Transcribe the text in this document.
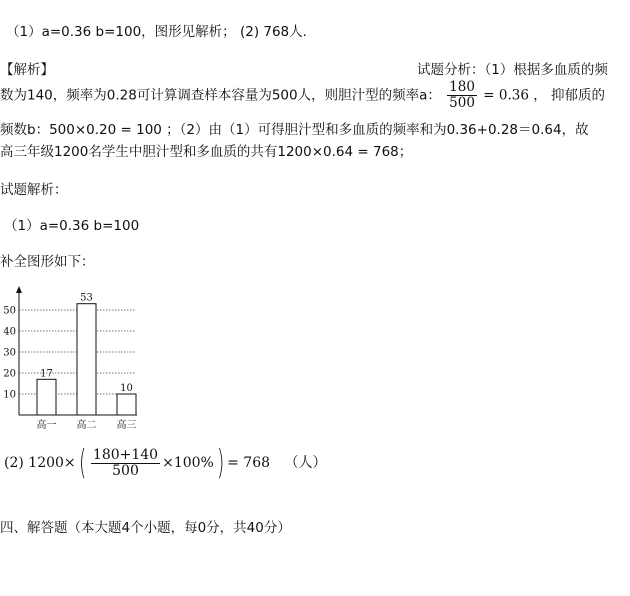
（1）a=0.36 b=100，图形见解析； (2) 768人.
【解析】	试题分析：（1）根据多血质的频
数为140，频率为0.28可计算调查样本容量为500人，则胆汁型的频率a： $\frac{180}{500} = 0.36$ ， 抑郁质的
频数b：500×0.20 = 100 ；（2）由（1）可得胆汁型和多血质的频率和为0.36+0.28＝0.64，故
高三年级1200名学生中胆汁型和多血质的共有1200×0.64 = 768；
试题解析：
（1）a=0.36 b=100
补全图形如下：
10
20
30
40
50
17
高一
53
高二
10
高三
(2) $1200\times( \frac{180+140}{500} \times 100\%) = 768$ （人）
四、解答题（本大题4个小题，每0分，共40分）
